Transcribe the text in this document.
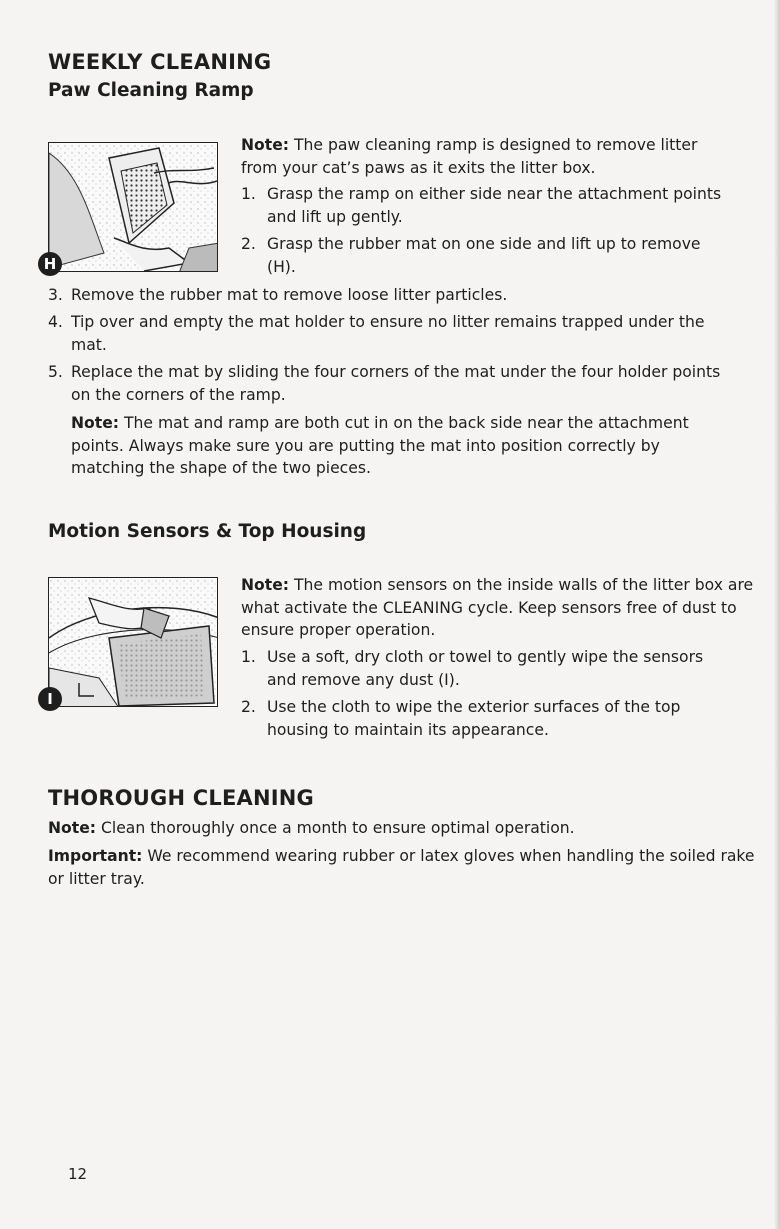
WEEKLY CLEANING
Paw Cleaning Ramp
H
Note: The paw cleaning ramp is designed to remove litter from your cat’s paws as it exits the litter box.
1. Grasp the ramp on either side near the attachment points and lift up gently.
2. Grasp the rubber mat on one side and lift up to remove (H).
3. Remove the rubber mat to remove loose litter particles.
4. Tip over and empty the mat holder to ensure no litter remains trapped under the mat.
5. Replace the mat by sliding the four corners of the mat under the four holder points on the corners of the ramp.
Note: The mat and ramp are both cut in on the back side near the attachment points. Always make sure you are putting the mat into position correctly by matching the shape of the two pieces.
Motion Sensors & Top Housing
I
Note: The motion sensors on the inside walls of the litter box are what activate the CLEANING cycle. Keep sensors free of dust to ensure proper operation.
1. Use a soft, dry cloth or towel to gently wipe the sensors and remove any dust (I).
2. Use the cloth to wipe the exterior surfaces of the top housing to maintain its appearance.
THOROUGH CLEANING
Note: Clean thoroughly once a month to ensure optimal operation.
Important: We recommend wearing rubber or latex gloves when handling the soiled rake or litter tray.
12
